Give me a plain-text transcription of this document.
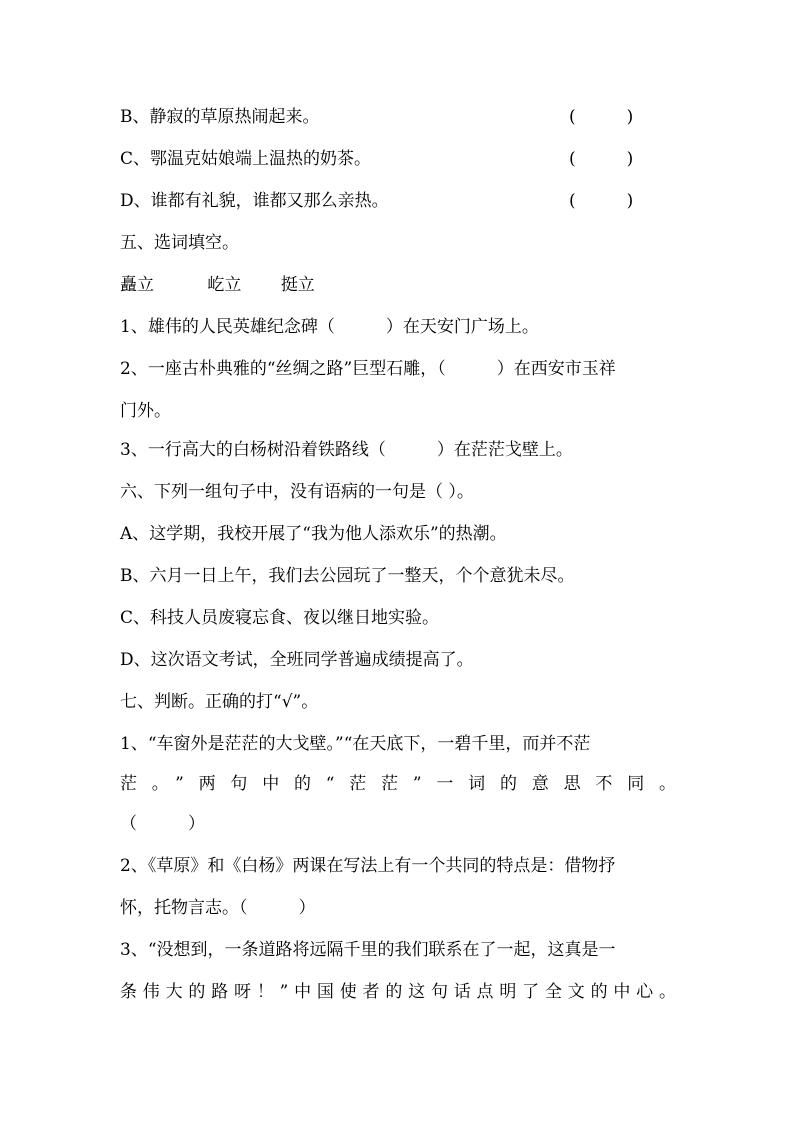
B、静寂的草原热闹起来。	(　　　)
C、鄂温克姑娘端上温热的奶茶。	(　　　)
D、谁都有礼貌，谁都又那么亲热。	(　　　)
五、选词填空。
矗立	屹立 挺立
1、雄伟的人民英雄纪念碑（　　　）在天安门广场上。
2、一座古朴典雅的“丝绸之路”巨型石雕，（　　　）在西安市玉祥
门外。
3、一行高大的白杨树沿着铁路线（　　　）在茫茫戈壁上。
六、下列一组句子中，没有语病的一句是（ ）。
A、这学期，我校开展了“我为他人添欢乐”的热潮。
B、六月一日上午，我们去公园玩了一整天，个个意犹未尽。
C、科技人员废寝忘食、夜以继日地实验。
D、这次语文考试，全班同学普遍成绩提高了。
七、判断。正确的打“√”。
1、“车窗外是茫茫的大戈壁。”“在天底下，一碧千里，而并不茫
茫。”两句中的“茫茫”一词的意思不同。
（　　　）
2、《草原》和《白杨》两课在写法上有一个共同的特点是：借物抒
怀，托物言志。（　　　）
3、“没想到，一条道路将远隔千里的我们联系在了一起，这真是一
条伟大的路呀！”中国使者的这句话点明了全文的中心。
